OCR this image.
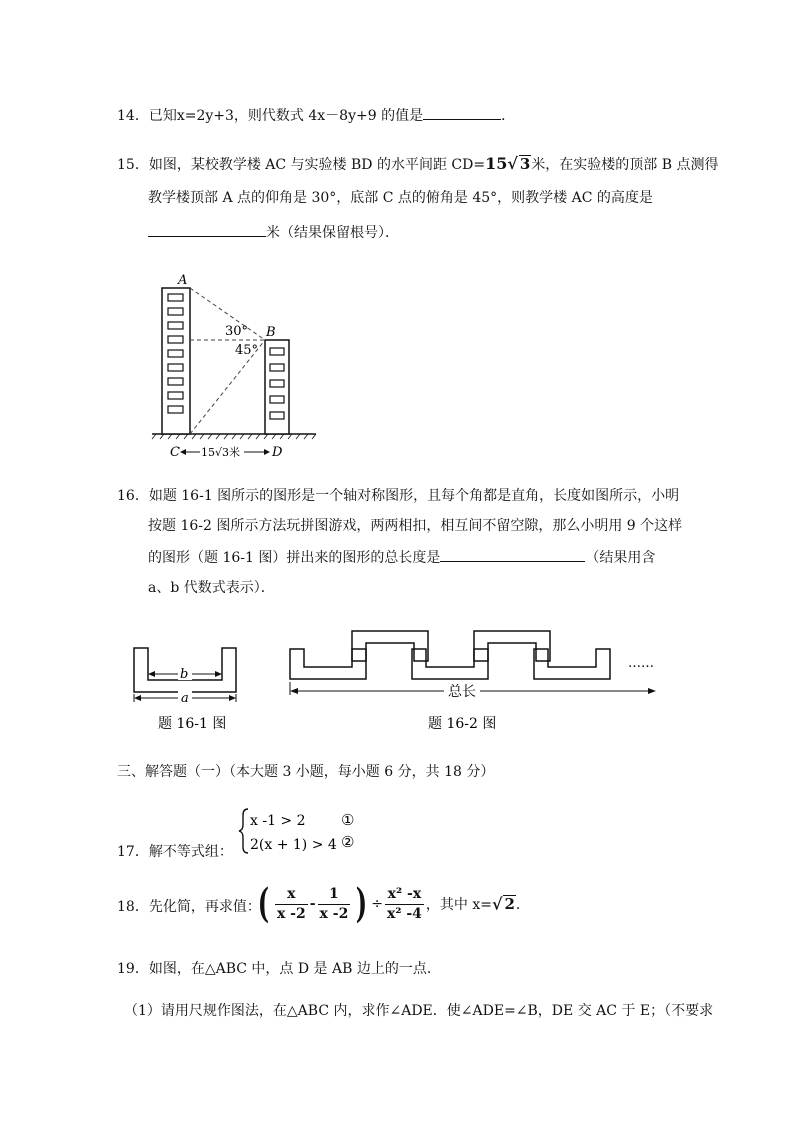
14．已知x=2y+3，则代数式 4x－8y+9 的值是	．
15．如图，某校教学楼 AC 与实验楼 BD 的水平间距 CD=15√ 3米，在实验楼的顶部 B 点测得
教学楼顶部 A 点的仰角是 30°，底部 C 点的俯角是 45°，则教学楼 AC 的高度是
米（结果保留根号）．
A
B
30°
45°
C	D
15√3米
16．如题 16-1 图所示的图形是一个轴对称图形，且每个角都是直角，长度如图所示，小明
按题 16-2 图所示方法玩拼图游戏，两两相扣，相互间不留空隙，那么小明用 9 个这样
的图形（题 16-1 图）拼出来的图形的总长度是	（结果用含
a、b 代数式表示）．
b
a
题 16-1 图
……
总长
题 16-2 图
三、解答题（一）（本大题 3 小题，每小题 6 分，共 18 分）
17．解不等式组：
x -1 > 2
2(x + 1) > 4
①
②
18．先化简，再求值：
( $\frac{x}{x -2} - \frac{1}{x -2}$ ) ÷ $\frac{\text{x² -x}}{\text{x² -4}}$ ，其中 x=√ 2．
19．如图，在△ABC 中，点 D 是 AB 边上的一点．
（1）请用尺规作图法，在△ABC 内，求作∠ADE．使∠ADE=∠B，DE 交 AC 于 E；（不要求
